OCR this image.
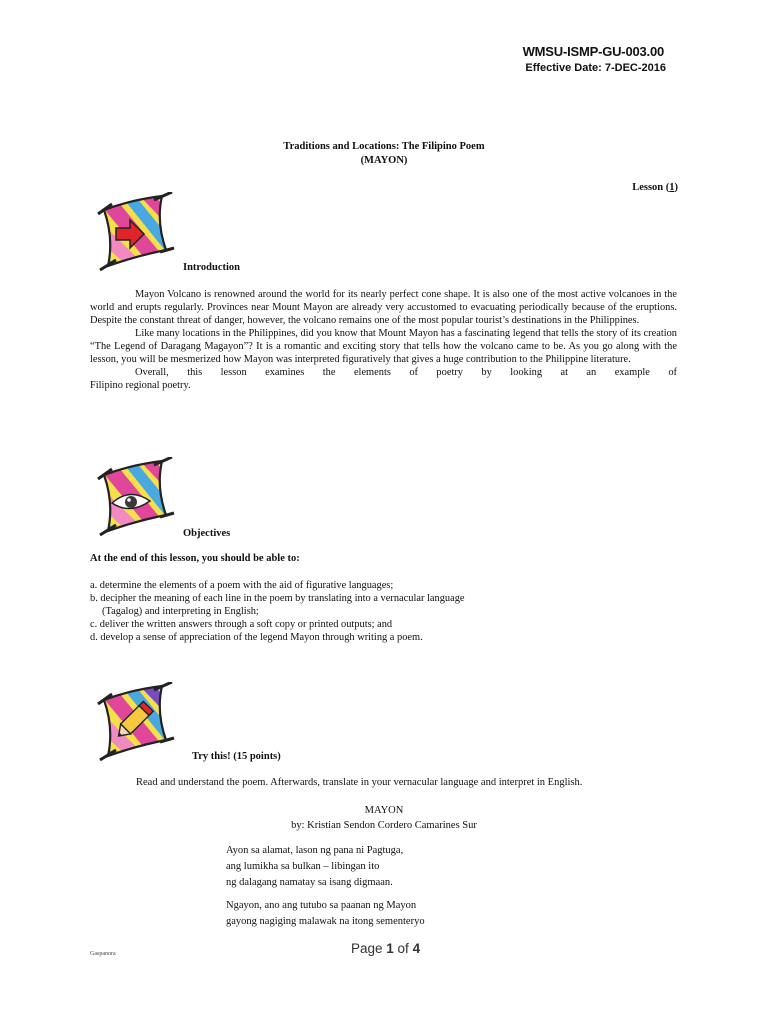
WMSU-ISMP-GU-003.00
Effective Date: 7-DEC-2016
Traditions and Locations: The Filipino Poem
(MAYON)
Lesson (1)
Introduction

Mayon Volcano is renowned around the world for its nearly perfect cone shape. It is also one of the most active volcanoes in the world and erupts regularly. Provinces near Mount Mayon are already very accustomed to evacuating periodically because of the eruptions. Despite the constant threat of danger, however, the volcano remains one of the most popular tourist’s destinations in the Philippines.

Like many locations in the Philippines, did you know that Mount Mayon has a fascinating legend that tells the story of its creation “The Legend of Daragang Magayon”? It is a romantic and exciting story that tells how the volcano came to be. As you go along with the lesson, you will be mesmerized how Mayon was interpreted figuratively that gives a huge contribution to the Philippine literature.

Overall, this lesson examines the elements of poetry by looking at an example of

Filipino regional poetry.

Objectives
At the end of this lesson, you should be able to:
a. determine the elements of a poem with the aid of figurative languages;
b. decipher the meaning of each line in the poem by translating into a vernacular language
(Tagalog) and interpreting in English;
c. deliver the written answers through a soft copy or printed outputs; and
d. develop a sense of appreciation of the legend Mayon through writing a poem.
Try this! (15 points)
Read and understand the poem. Afterwards, translate in your vernacular language and interpret in English.
MAYON
by: Kristian Sendon Cordero Camarines Sur
Ayon sa alamat, lason ng pana ni Pagtuga,
ang lumikha sa bulkan – libingan ito
ng dalagang namatay sa isang digmaan.
Ngayon, ano ang tutubo sa paanan ng Mayon
gayong nagiging malawak na itong sementeryo
Gaspanora	Page 1 of 4
